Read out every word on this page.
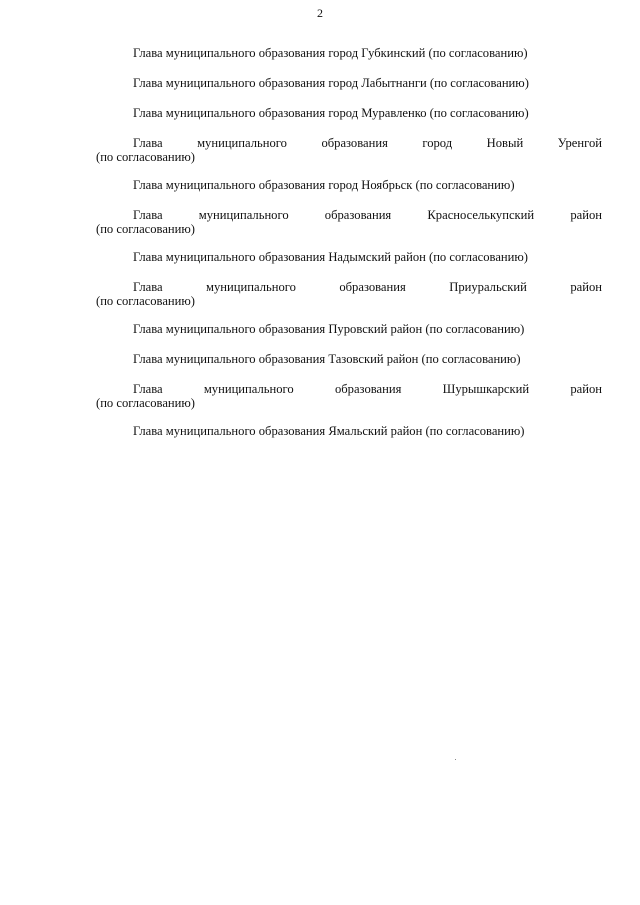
2

Глава муниципального образования город Губкинский (по согласованию)

Глава муниципального образования город Лабытнанги (по согласованию)

Глава муниципального образования город Муравленко (по согласованию)

Глава муниципального образования город Новый Уренгой
(по согласованию)

Глава муниципального образования город Ноябрьск (по согласованию)

Глава муниципального образования Красноселькупский район
(по согласованию)

Глава муниципального образования Надымский район (по согласованию)

Глава муниципального образования Приуральский район
(по согласованию)

Глава муниципального образования Пуровский район (по согласованию)

Глава муниципального образования Тазовский район (по согласованию)

Глава муниципального образования Шурышкарский район
(по согласованию)

Глава муниципального образования Ямальский район (по согласованию)
